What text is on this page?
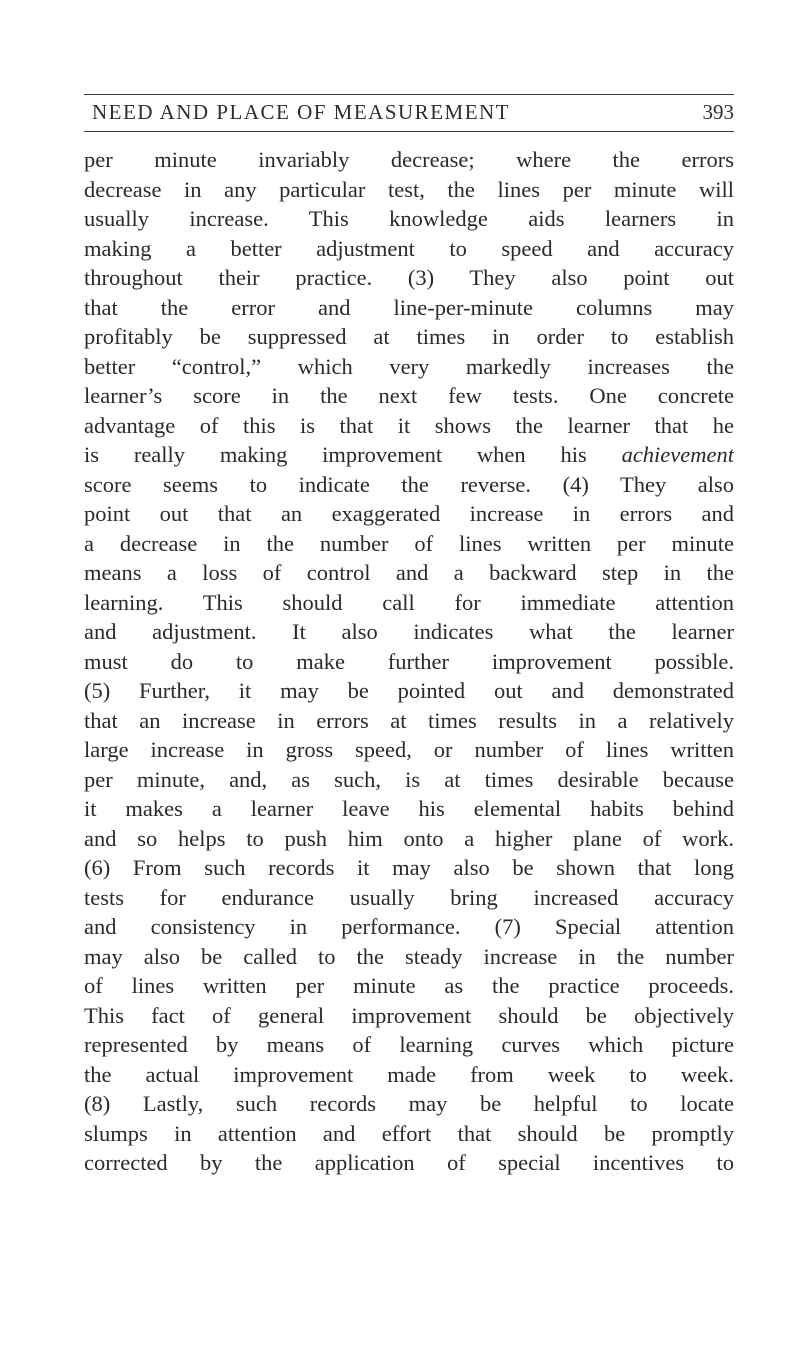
NEED AND PLACE OF MEASUREMENT	393
per minute invariably decrease; where the errors
decrease in any particular test, the lines per minute will
usually increase. This knowledge aids learners in
making a better adjustment to speed and accuracy
throughout their practice. (3) They also point out
that the error and line-per-minute columns may
profitably be suppressed at times in order to establish
better “control,” which very markedly increases the
learner’s score in the next few tests. One concrete
advantage of this is that it shows the learner that he
is really making improvement when his achievement
score seems to indicate the reverse. (4) They also
point out that an exaggerated increase in errors and
a decrease in the number of lines written per minute
means a loss of control and a backward step in the
learning. This should call for immediate attention
and adjustment. It also indicates what the learner
must do to make further improvement possible.
(5) Further, it may be pointed out and demonstrated
that an increase in errors at times results in a relatively
large increase in gross speed, or number of lines written
per minute, and, as such, is at times desirable because
it makes a learner leave his elemental habits behind
and so helps to push him onto a higher plane of work.
(6) From such records it may also be shown that long
tests for endurance usually bring increased accuracy
and consistency in performance. (7) Special attention
may also be called to the steady increase in the number
of lines written per minute as the practice proceeds.
This fact of general improvement should be objectively
represented by means of learning curves which picture
the actual improvement made from week to week.
(8) Lastly, such records may be helpful to locate
slumps in attention and effort that should be promptly
corrected by the application of special incentives to
